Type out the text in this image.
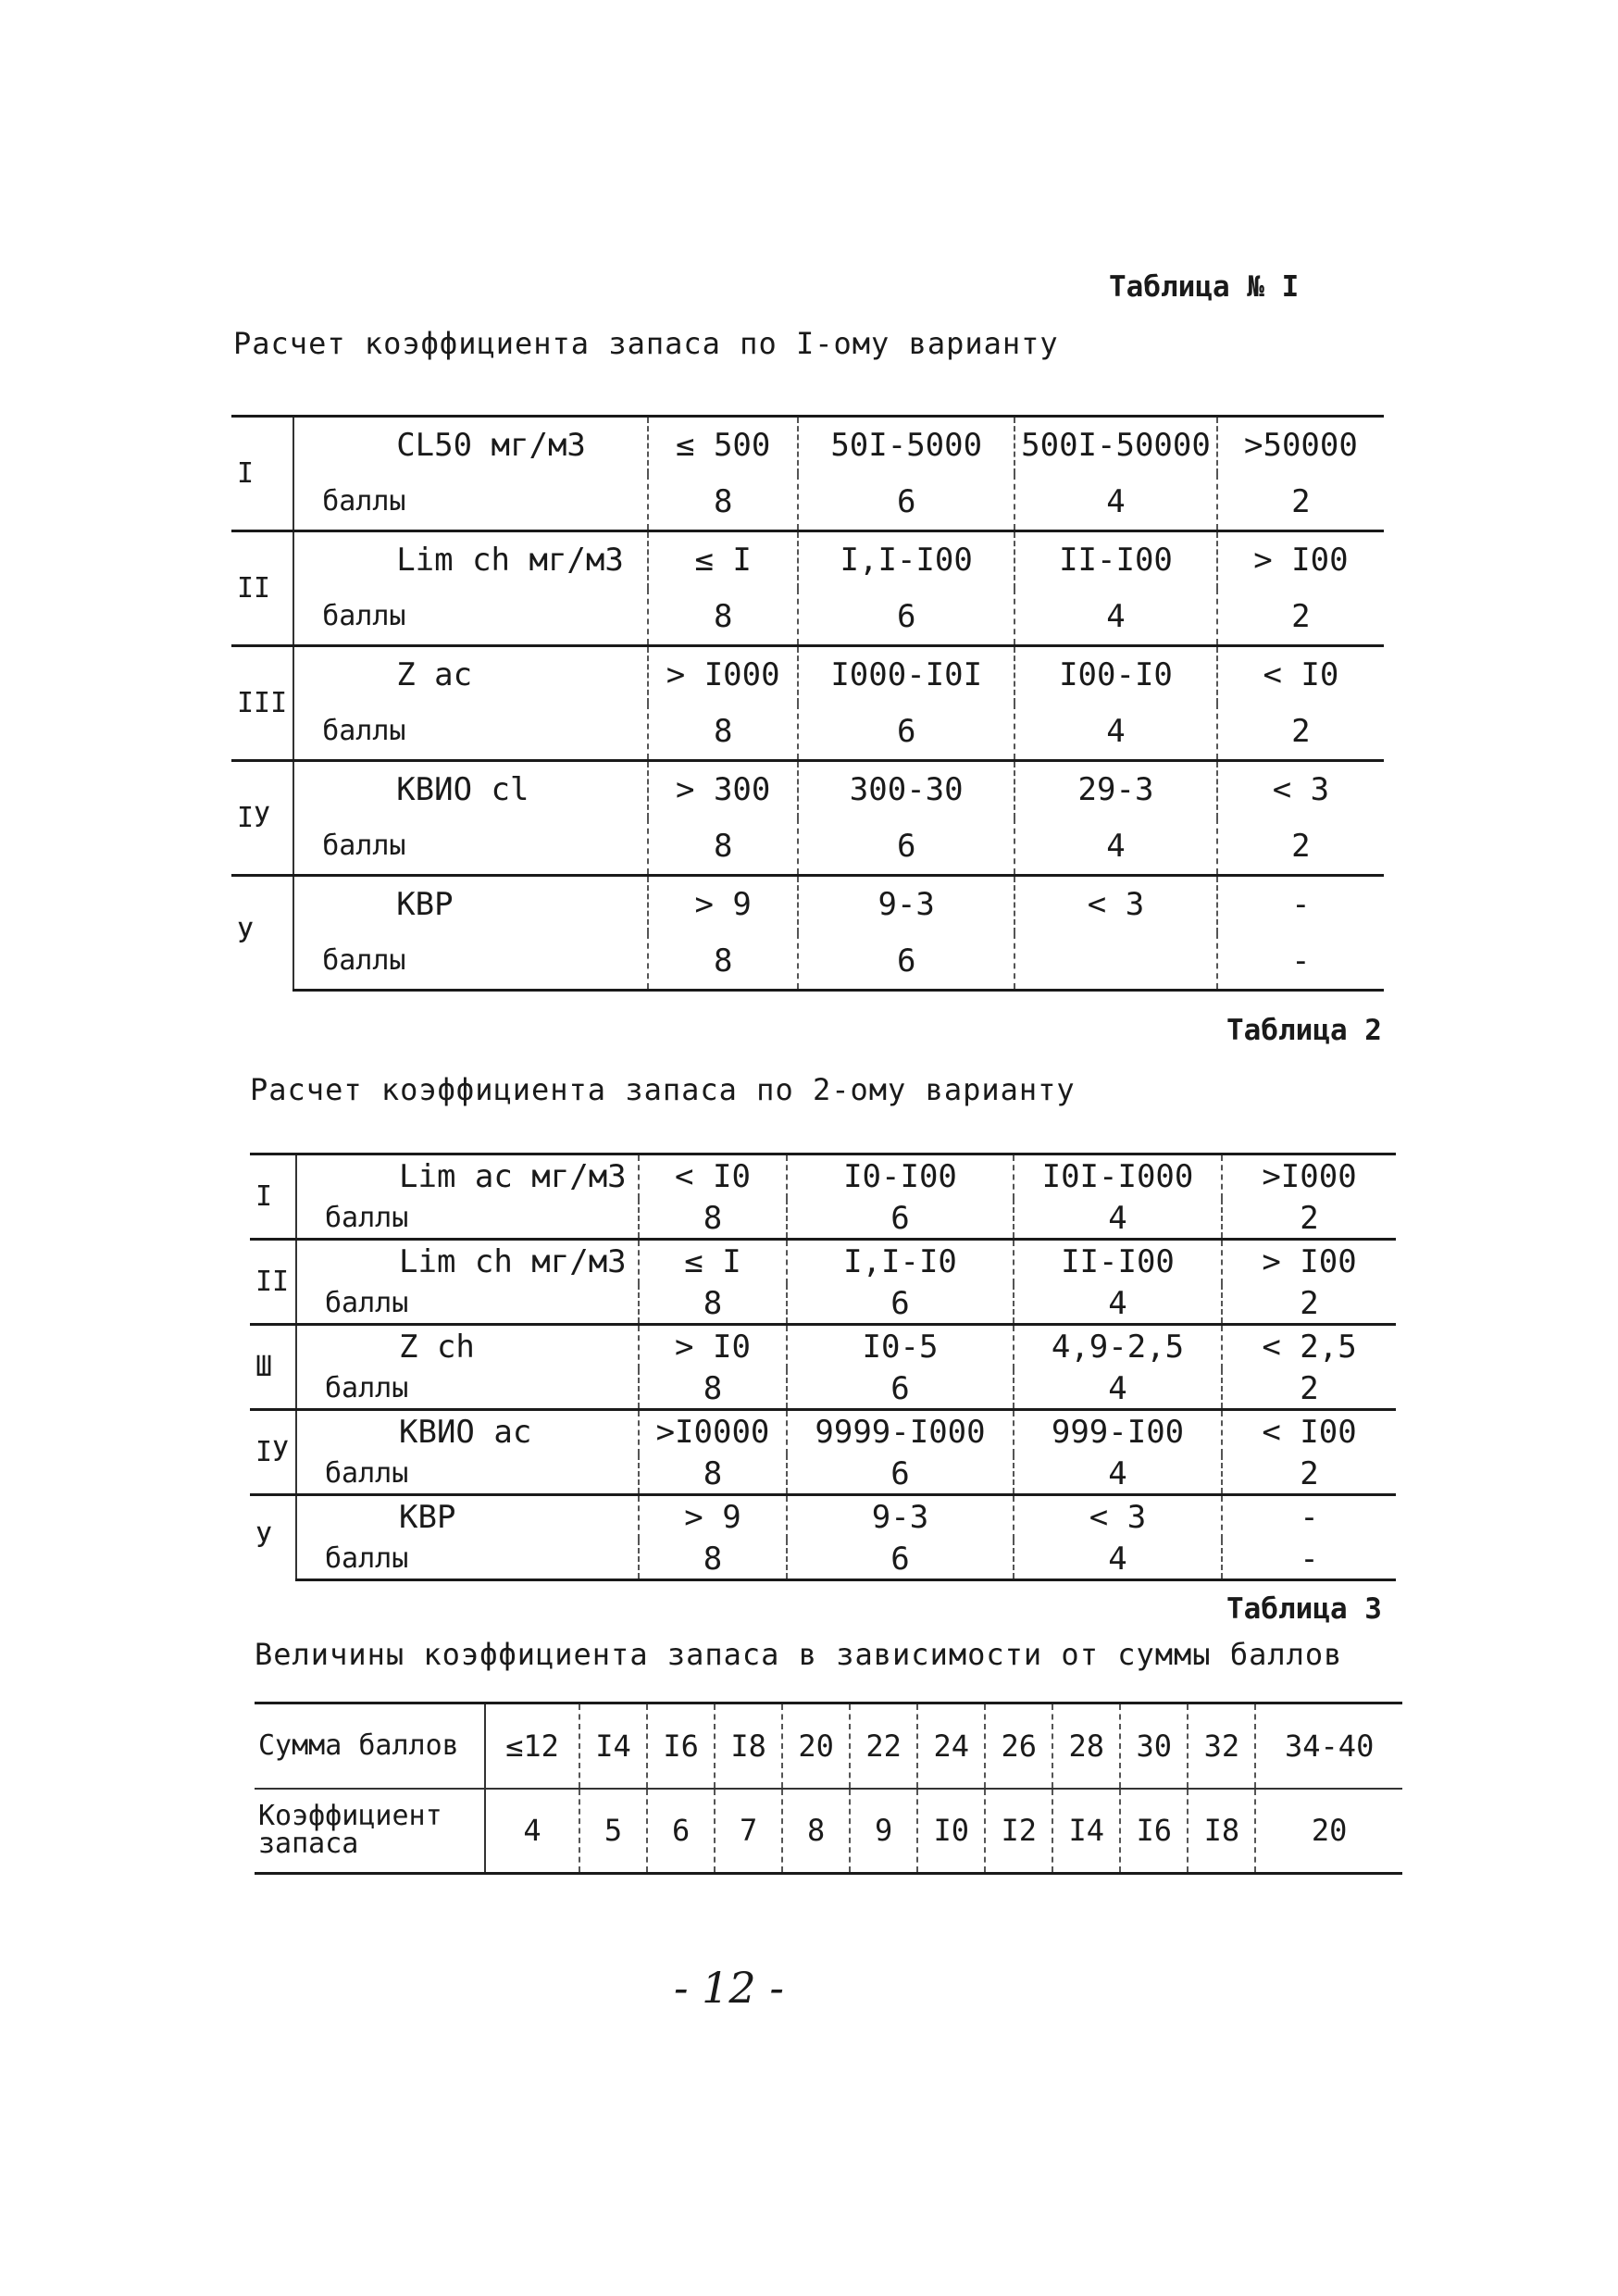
Таблица № I
Расчет коэффициента запаса по I-ому варианту
I	CL50 мг/м3	≤ 500	50I-5000	500I-50000	>50000
	баллы	8	6	4	2
II	Lim ch мг/м3	≤ I	I,I-I00	II-I00	> I00
	баллы	8	6	4	2
III	Z ac	> I000	I000-I0I	I00-I0	< I0
	баллы	8	6	4	2
IУ	КВИО cl	> 300	300-30	29-3	< 3
	баллы	8	6	4	2
У	КВР	> 9	9-3	< 3	-
	баллы	8	6		-
Таблица 2
Расчет коэффициента запаса по 2-ому варианту
I	Lim ac мг/м3	< I0	I0-I00	I0I-I000	>I000
	баллы	8	6	4	2
II	Lim ch мг/м3	≤ I	I,I-I0	II-I00	> I00
	баллы	8	6	4	2
Ш	Z ch	> I0	I0-5	4,9-2,5	< 2,5
	баллы	8	6	4	2
IУ	КВИО ac	>I0000	9999-I000	999-I00	< I00
	баллы	8	6	4	2
У	КВР	> 9	9-3	< 3	-
	баллы	8	6	4	-
Таблица 3
Величины коэффициента запаса в зависимости от суммы баллов
Сумма баллов	≤12	I4	I6	I8	20	22	24	26	28	30	32	34-40

Коэффициент
запаса	4	5	6	7	8	9	I0	I2	I4	I6	I8	20
- 12 -
